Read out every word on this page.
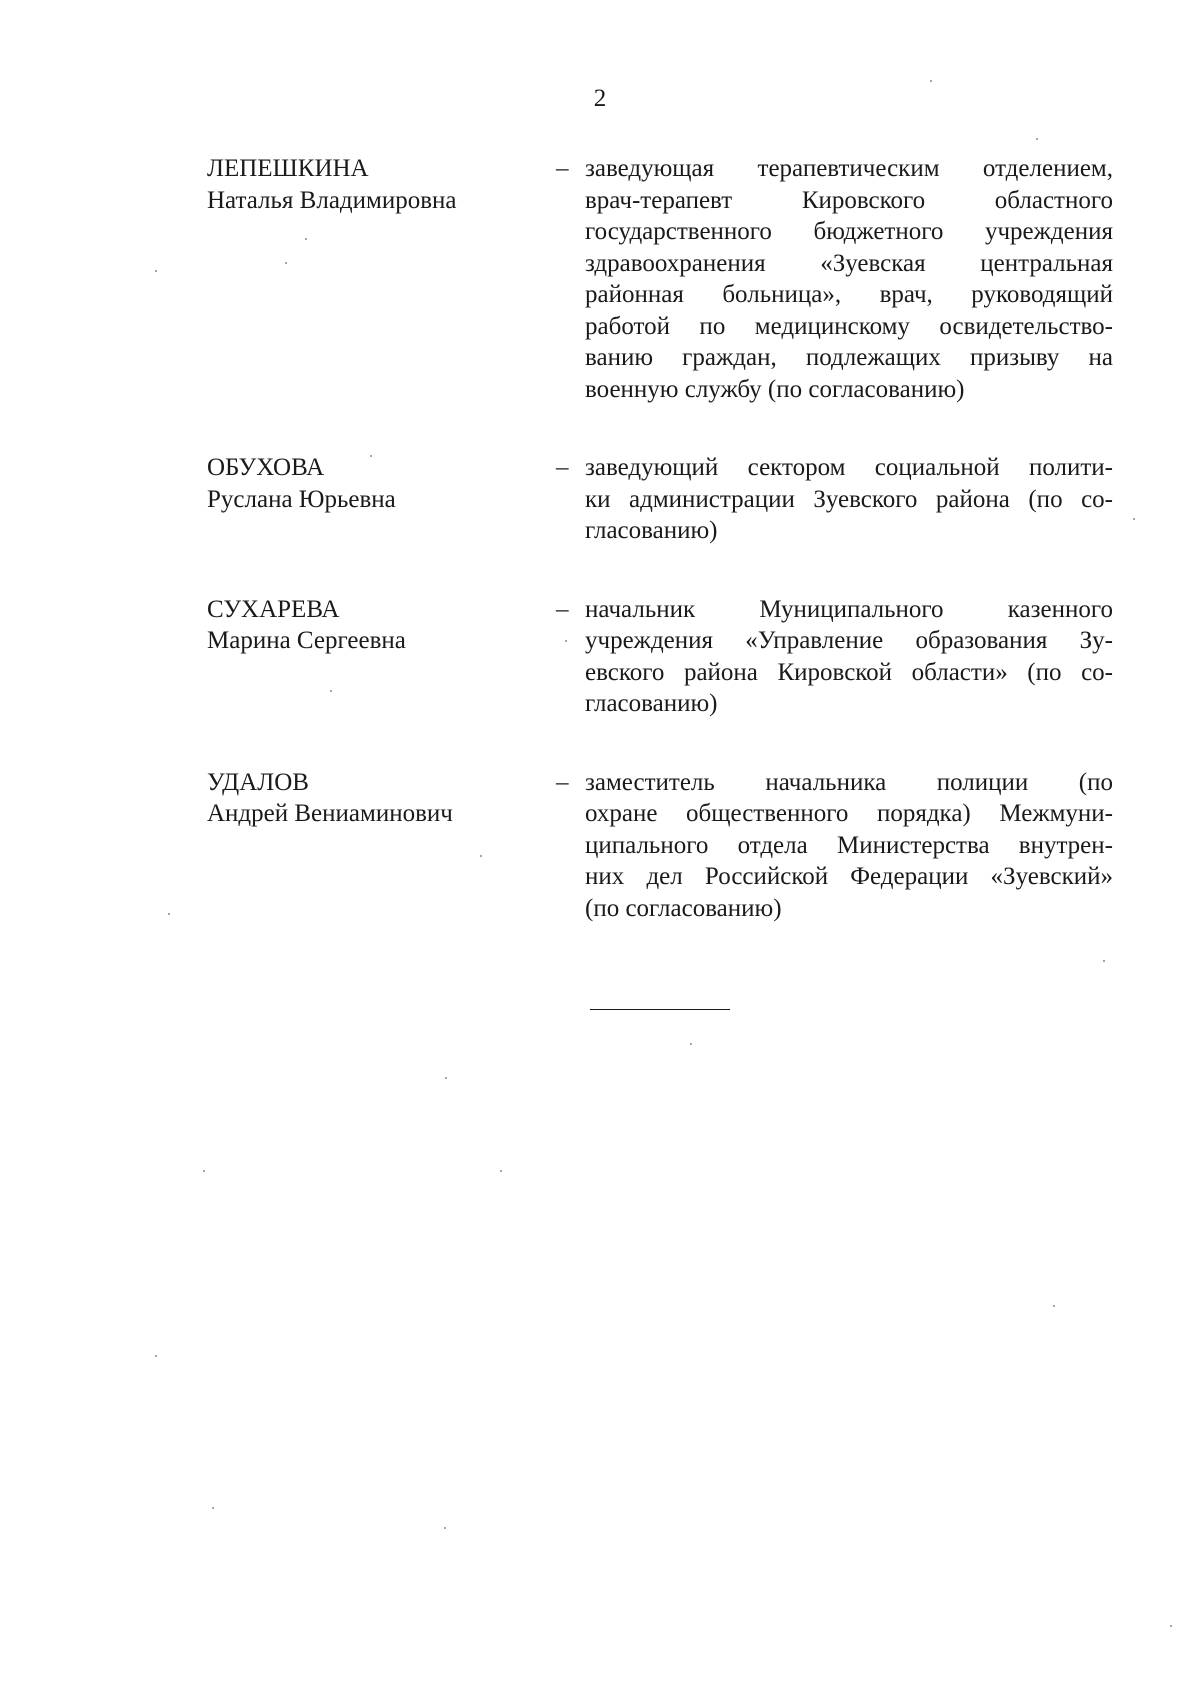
2
ЛЕПЕШКИНА
Наталья Владимировна
– заведующая терапевтическим отделением,
врач-терапевт Кировского областного
государственного бюджетного учреждения
здравоохранения «Зуевская центральная
районная больница», врач, руководящий
работой по медицинскому освидетельство-
ванию граждан, подлежащих призыву на
военную службу (по согласованию)
ОБУХОВА
Руслана Юрьевна
– заведующий сектором социальной полити-
ки администрации Зуевского района (по со-
гласованию)
СУХАРЕВА
Марина Сергеевна
– начальник Муниципального казенного
учреждения «Управление образования Зу-
евского района Кировской области» (по со-
гласованию)
УДАЛОВ
Андрей Вениаминович
– заместитель начальника полиции (по
охране общественного порядка) Межмуни-
ципального отдела Министерства внутрен-
них дел Российской Федерации «Зуевский»
(по согласованию)
